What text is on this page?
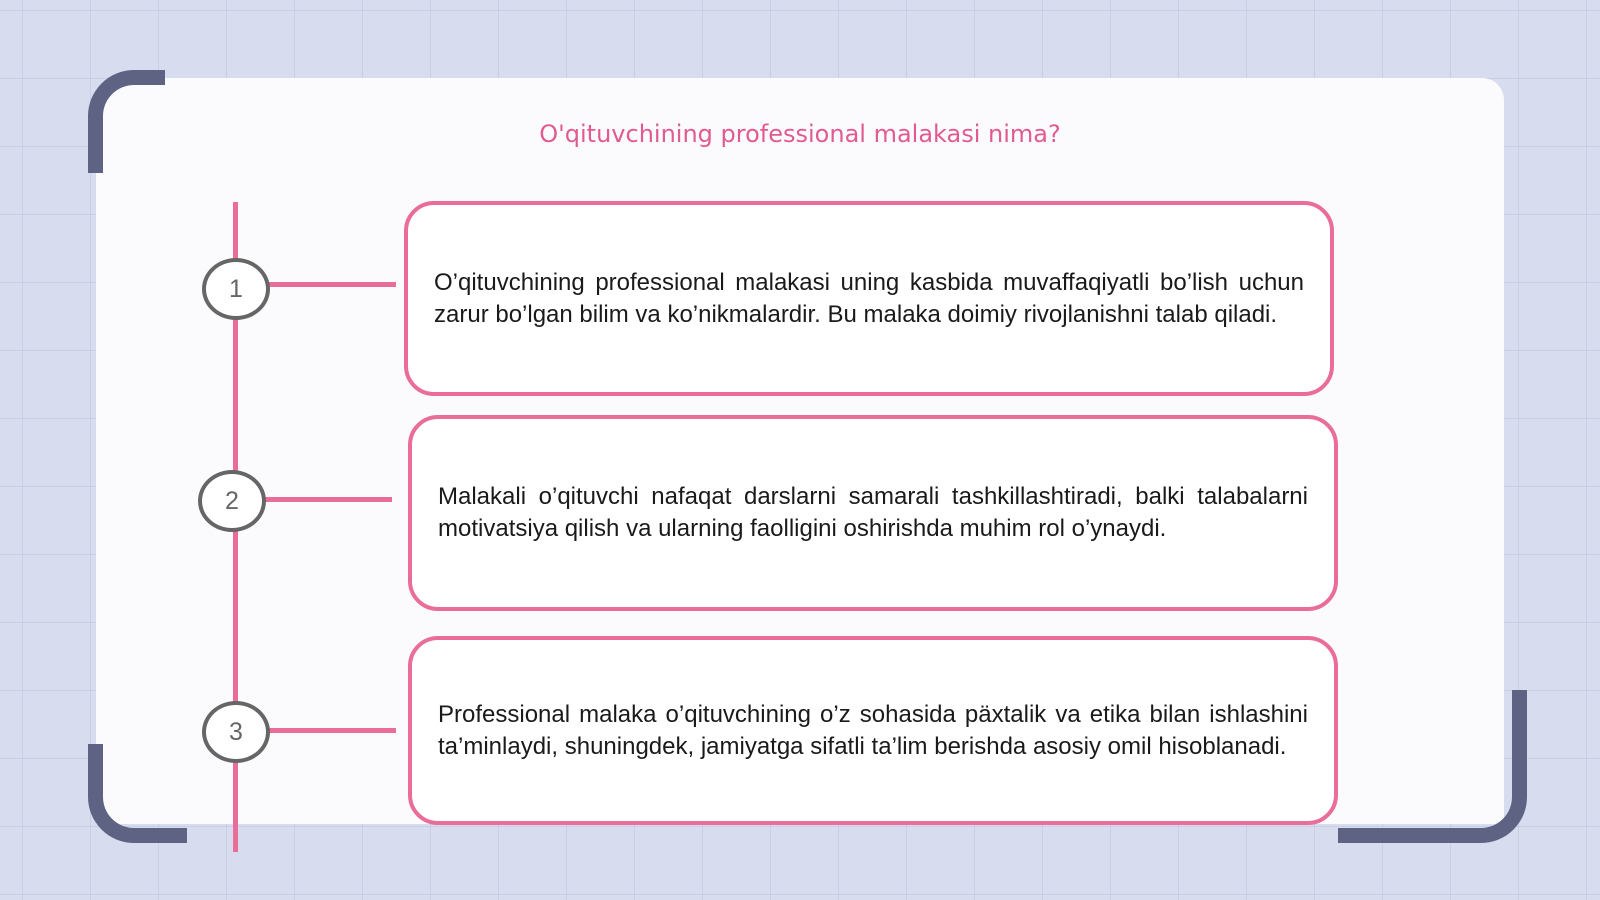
O'qituvchining professional malakasi nima?
1
2
3
O’qituvchining professional malakasi uning kasbida muvaffaqiyatli bo’lish uchun zarur bo’lgan bilim va ko’nikmalardir. Bu malaka doimiy rivojlanishni talab qiladi.
Malakali o’qituvchi nafaqat darslarni samarali tashkillashtiradi, balki talabalarni motivatsiya qilish va ularning faolligini oshirishda muhim rol o’ynaydi.
Professional malaka o’qituvchining o’z sohasida päxtalik va etika bilan ishlashini ta’minlaydi, shuningdek, jamiyatga sifatli ta’lim berishda asosiy omil hisoblanadi.
